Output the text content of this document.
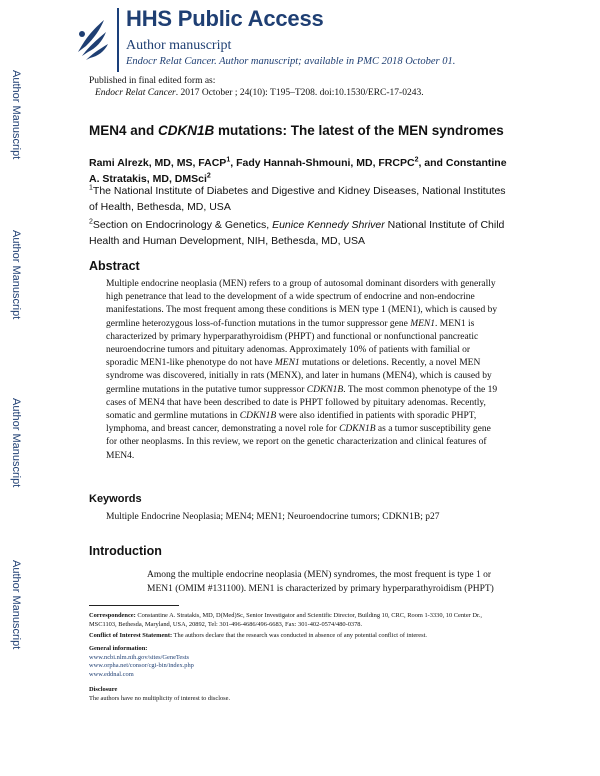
HHS Public Access
Author manuscript
Endocr Relat Cancer. Author manuscript; available in PMC 2018 October 01.
Author Manuscript
Author Manuscript
Author Manuscript
Author Manuscript
Published in final edited form as:
Endocr Relat Cancer. 2017 October ; 24(10): T195–T208. doi:10.1530/ERC-17-0243.
MEN4 and CDKN1B mutations: The latest of the MEN syndromes
Rami Alrezk, MD, MS, FACP$^1$, Fady Hannah-Shmouni, MD, FRCPC$^2$, and Constantine A. Stratakis, MD, DMSci$^2$
$^1$The National Institute of Diabetes and Digestive and Kidney Diseases, National Institutes of Health, Bethesda, MD, USA
$^2$Section on Endocrinology & Genetics, Eunice Kennedy Shriver National Institute of Child Health and Human Development, NIH, Bethesda, MD, USA
Abstract

Multiple endocrine neoplasia (MEN) refers to a group of autosomal dominant disorders with generally high penetrance that lead to the development of a wide spectrum of endocrine and non-endocrine manifestations. The most frequent among these conditions is MEN type 1 (MEN1), which is caused by germline heterozygous loss-of-function mutations in the tumor suppressor gene MEN1. MEN1 is characterized by primary hyperparathyroidism (PHPT) and functional or nonfunctional pancreatic neuroendocrine tumors and pituitary adenomas. Approximately 10% of patients with familial or sporadic MEN1-like phenotype do not have MEN1 mutations or deletions. Recently, a novel MEN syndrome was discovered, initially in rats (MENX), and later in humans (MEN4), which is caused by germline mutations in the putative tumor suppressor CDKN1B. The most common phenotype of the 19 cases of MEN4 that have been described to date is PHPT followed by pituitary adenomas. Recently, somatic and germline mutations in CDKN1B were also identified in patients with sporadic PHPT, lymphoma, and breast cancer, demonstrating a novel role for CDKN1B as a tumor susceptibility gene for other neoplasms. In this review, we report on the genetic characterization and clinical features of MEN4.

Keywords
Multiple Endocrine Neoplasia; MEN4; MEN1; Neuroendocrine tumors; CDKN1B; p27
Introduction

Among the multiple endocrine neoplasia (MEN) syndromes, the most frequent is type 1 or MEN1 (OMIM #131100). MEN1 is characterized by primary hyperparathyroidism (PHPT)

Correspondence: Constantine A. Stratakis, MD, D(Med)Sc, Senior Investigator and Scientific Director, Building 10, CRC, Room 1-3330, 10 Center Dr., MSC1103, Bethesda, Maryland, USA, 20892, Tel: 301-496-4686/496-6683, Fax: 301-402-0574/480-0378.
Conflict of Interest Statement: The authors declare that the research was conducted in absence of any potential conflict of interest.
General information:
www.ncbi.nlm.nih.gov/sites/GeneTests
www.orpha.net/consor/cgi-bin/index.php
www.eddnal.com
Disclosure
The authors have no multiplicity of interest to disclose.
